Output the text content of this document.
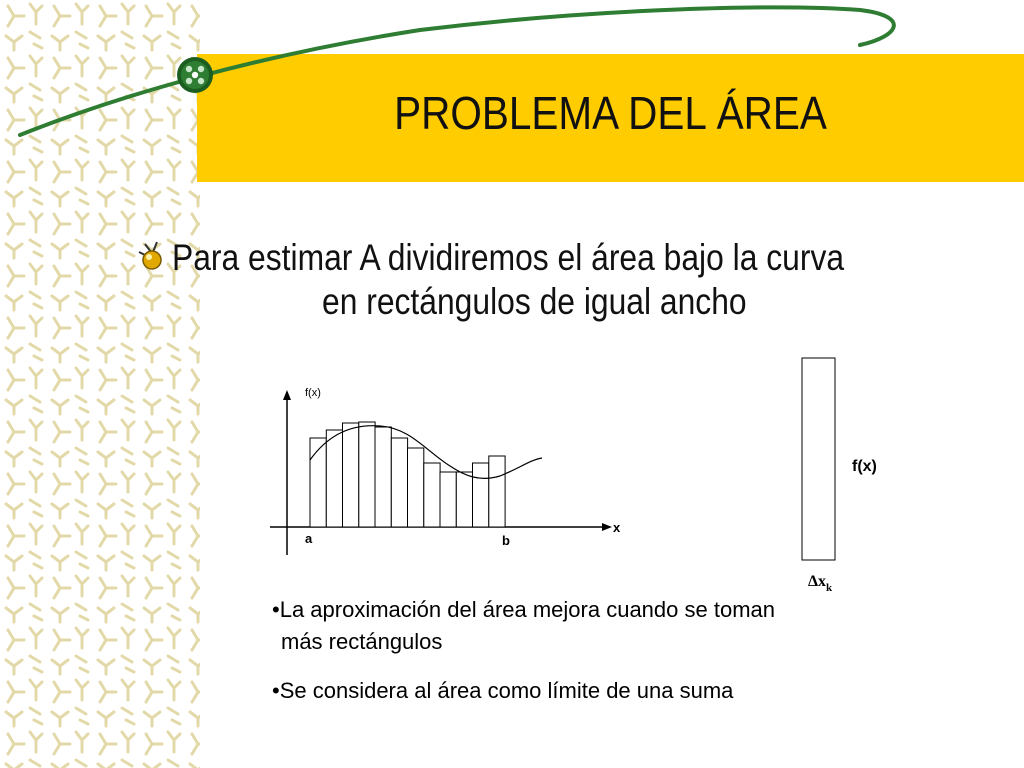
PROBLEMA DEL ÁREA
Para estimar A dividiremos el área bajo la curva
en rectángulos de igual ancho
f(x)
x
a	b
f(x)
$\Delta x_k$
•La aproximación del área mejora cuando se toman
más rectángulos
•Se considera al área como límite de una suma
